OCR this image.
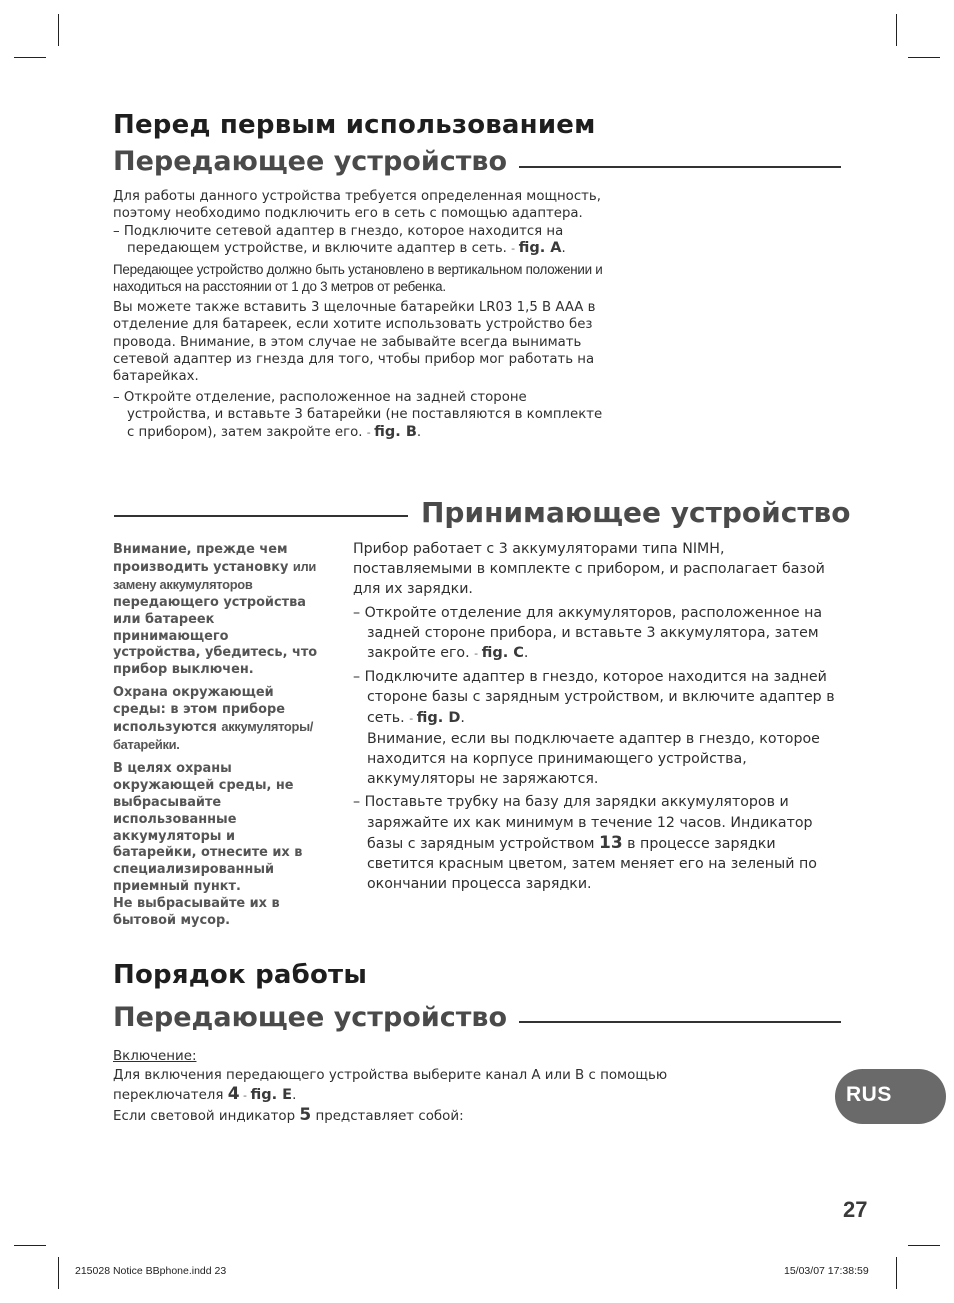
Перед первым использованием
Передающее устройство

Для работы данного устройства требуется определенная мощность, поэтому необходимо подключить его в сеть с помощью адаптера.

– Подключите сетевой адаптер в гнездо, которое находится на передающем устройстве, и включите адаптер в сеть. - fig. A.

Передающее устройство должно быть установлено в вертикальном положении и находиться на расстоянии от 1 до 3 метров от ребенка.

Вы можете также вставить 3 щелочные батарейки LR03 1,5 В AAA в отделение для батареек, если хотите использовать устройство без провода. Внимание, в этом случае не забывайте всегда вынимать сетевой адаптер из гнезда для того, чтобы прибор мог работать на батарейках.

– Откройте отделение, расположенное на задней стороне устройства, и вставьте 3 батарейки (не поставляются в комплекте с прибором), затем закройте его. - fig. B.

Принимающее устройство

Внимание, прежде чем производить установку или замену аккумуляторов передающего устройства или батареек принимающего устройства, убедитесь, что прибор выключен.

Охрана окружающей среды: в этом приборе используются аккумуляторы/батарейки.

В целях охраны окружающей среды, не выбрасывайте использованные аккумуляторы и батарейки, отнесите их в специализированный приемный пункт.

Не выбрасывайте их в бытовой мусор.

Прибор работает с 3 аккумуляторами типа NIMH, поставляемыми в комплекте с прибором, и располагает базой для их зарядки.

– Откройте отделение для аккумуляторов, расположенное на задней стороне прибора, и вставьте 3 аккумулятора, затем закройте его. - fig. C.

– Подключите адаптер в гнездо, которое находится на задней стороне базы с зарядным устройством, и включите адаптер в сеть. - fig. D.

Внимание, если вы подключаете адаптер в гнездо, которое находится на корпусе принимающего устройства, аккумуляторы не заряжаются.

– Поставьте трубку на базу для зарядки аккумуляторов и заряжайте их как минимум в течение 12 часов. Индикатор базы с зарядным устройством 13 в процессе зарядки светится красным цветом, затем меняет его на зеленый по окончании процесса зарядки.

Порядок работы
Передающее устройство

Включение:

Для включения передающего устройства выберите канал A или B с помощью переключателя 4 - fig. E.

Если световой индикатор 5 представляет собой:

RUS
27
215028 Notice BBphone.indd 23	15/03/07 17:38:59
